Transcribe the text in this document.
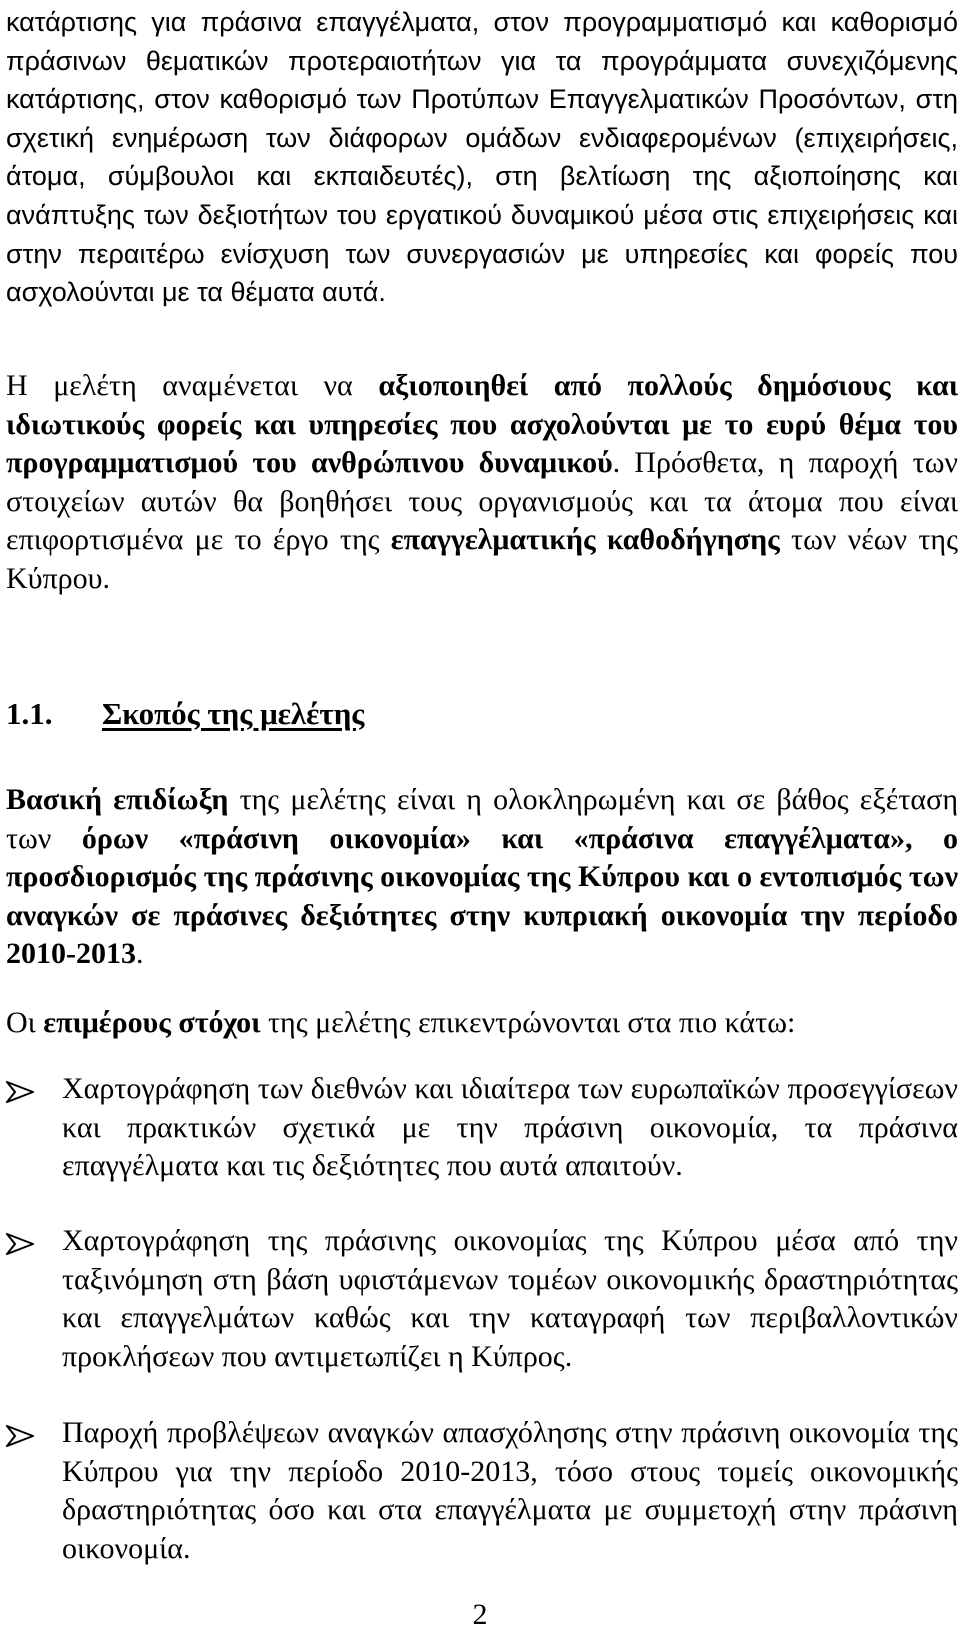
κατάρτισης για πράσινα επαγγέλματα, στον προγραμματισμό και καθορισμό πράσινων θεματικών προτεραιοτήτων για τα προγράμματα συνεχιζόμενης κατάρτισης, στον καθορισμό των Προτύπων Επαγγελματικών Προσόντων, στη σχετική ενημέρωση των διάφορων ομάδων ενδιαφερομένων (επιχειρήσεις, άτομα, σύμβουλοι και εκπαιδευτές), στη βελτίωση της αξιοποίησης και ανάπτυξης των δεξιοτήτων του εργατικού δυναμικού μέσα στις επιχειρήσεις και στην περαιτέρω ενίσχυση των συνεργασιών με υπηρεσίες και φορείς που ασχολούνται με τα θέματα αυτά.

Η μελέτη αναμένεται να αξιοποιηθεί από πολλούς δημόσιους και ιδιωτικούς φορείς και υπηρεσίες που ασχολούνται με το ευρύ θέμα του προγραμματισμού του ανθρώπινου δυναμικού. Πρόσθετα, η παροχή των στοιχείων αυτών θα βοηθήσει τους οργανισμούς και τα άτομα που είναι επιφορτισμένα με το έργο της επαγγελματικής καθοδήγησης των νέων της Κύπρου.

1.1. Σκοπός της μελέτης

Βασική επιδίωξη της μελέτης είναι η ολοκληρωμένη και σε βάθος εξέταση των όρων «πράσινη οικονομία» και «πράσινα επαγγέλματα», ο προσδιορισμός της πράσινης οικονομίας της Κύπρου και ο εντοπισμός των αναγκών σε πράσινες δεξιότητες στην κυπριακή οικονομία την περίοδο 2010-2013.

Οι επιμέρους στόχοι της μελέτης επικεντρώνονται στα πιο κάτω:

Χαρτογράφηση των διεθνών και ιδιαίτερα των ευρωπαϊκών προσεγγίσεων και πρακτικών σχετικά με την πράσινη οικονομία, τα πράσινα επαγγέλματα και τις δεξιότητες που αυτά απαιτούν.

Χαρτογράφηση της πράσινης οικονομίας της Κύπρου μέσα από την ταξινόμηση στη βάση υφιστάμενων τομέων οικονομικής δραστηριότητας και επαγγελμάτων καθώς και την καταγραφή των περιβαλλοντικών προκλήσεων που αντιμετωπίζει η Κύπρος.

Παροχή προβλέψεων αναγκών απασχόλησης στην πράσινη οικονομία της Κύπρου για την περίοδο 2010-2013, τόσο στους τομείς οικονομικής δραστηριότητας όσο και στα επαγγέλματα με συμμετοχή στην πράσινη οικονομία.

2
